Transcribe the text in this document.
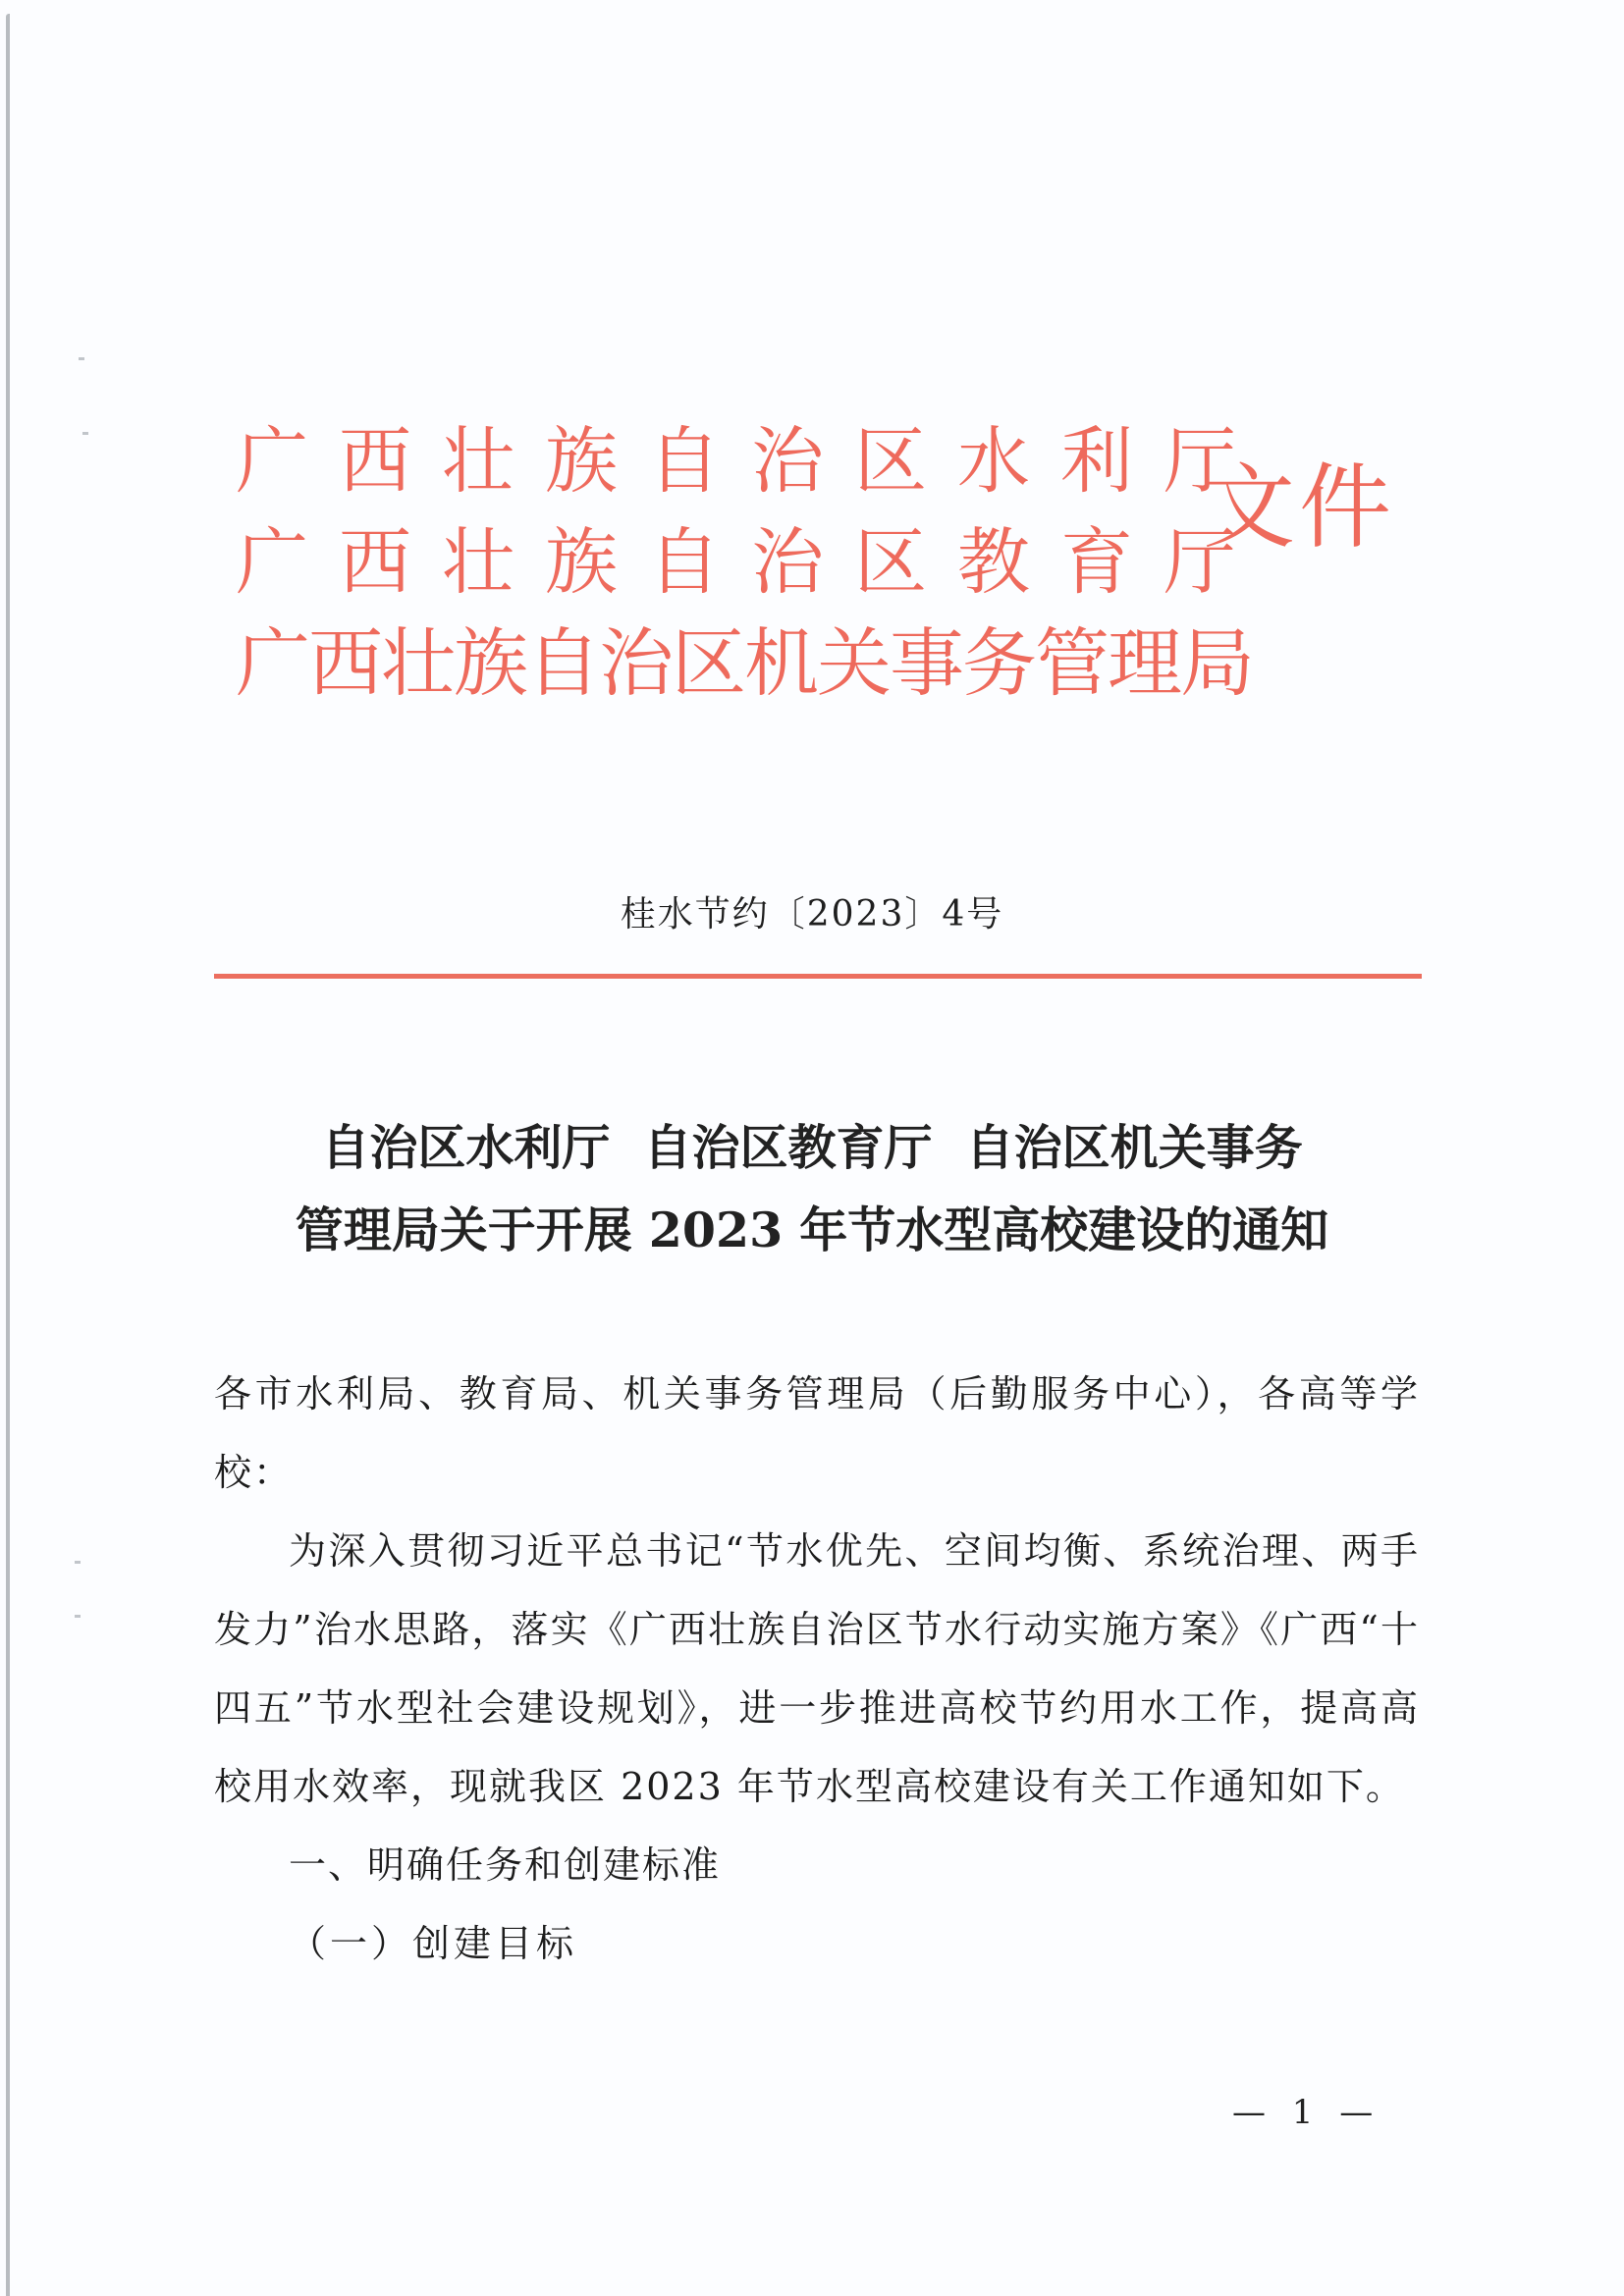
广西壮族自治区水利厅
广西壮族自治区教育厅
广西壮族自治区机关事务管理局
文件
桂水节约〔2023〕4号
自治区水利厅  自治区教育厅  自治区机关事务
管理局关于开展 2023 年节水型高校建设的通知

各市水利局、教育局、机关事务管理局（后勤服务中心），各高等学校：

为深入贯彻习近平总书记“节水优先、空间均衡、系统治理、两手发力”治水思路，落实《广西壮族自治区节水行动实施方案》《广西“十四五”节水型社会建设规划》，进一步推进高校节约用水工作，提高高校用水效率，现就我区 2023 年节水型高校建设有关工作通知如下。

一、明确任务和创建标准

（一）创建目标

— 1 —
